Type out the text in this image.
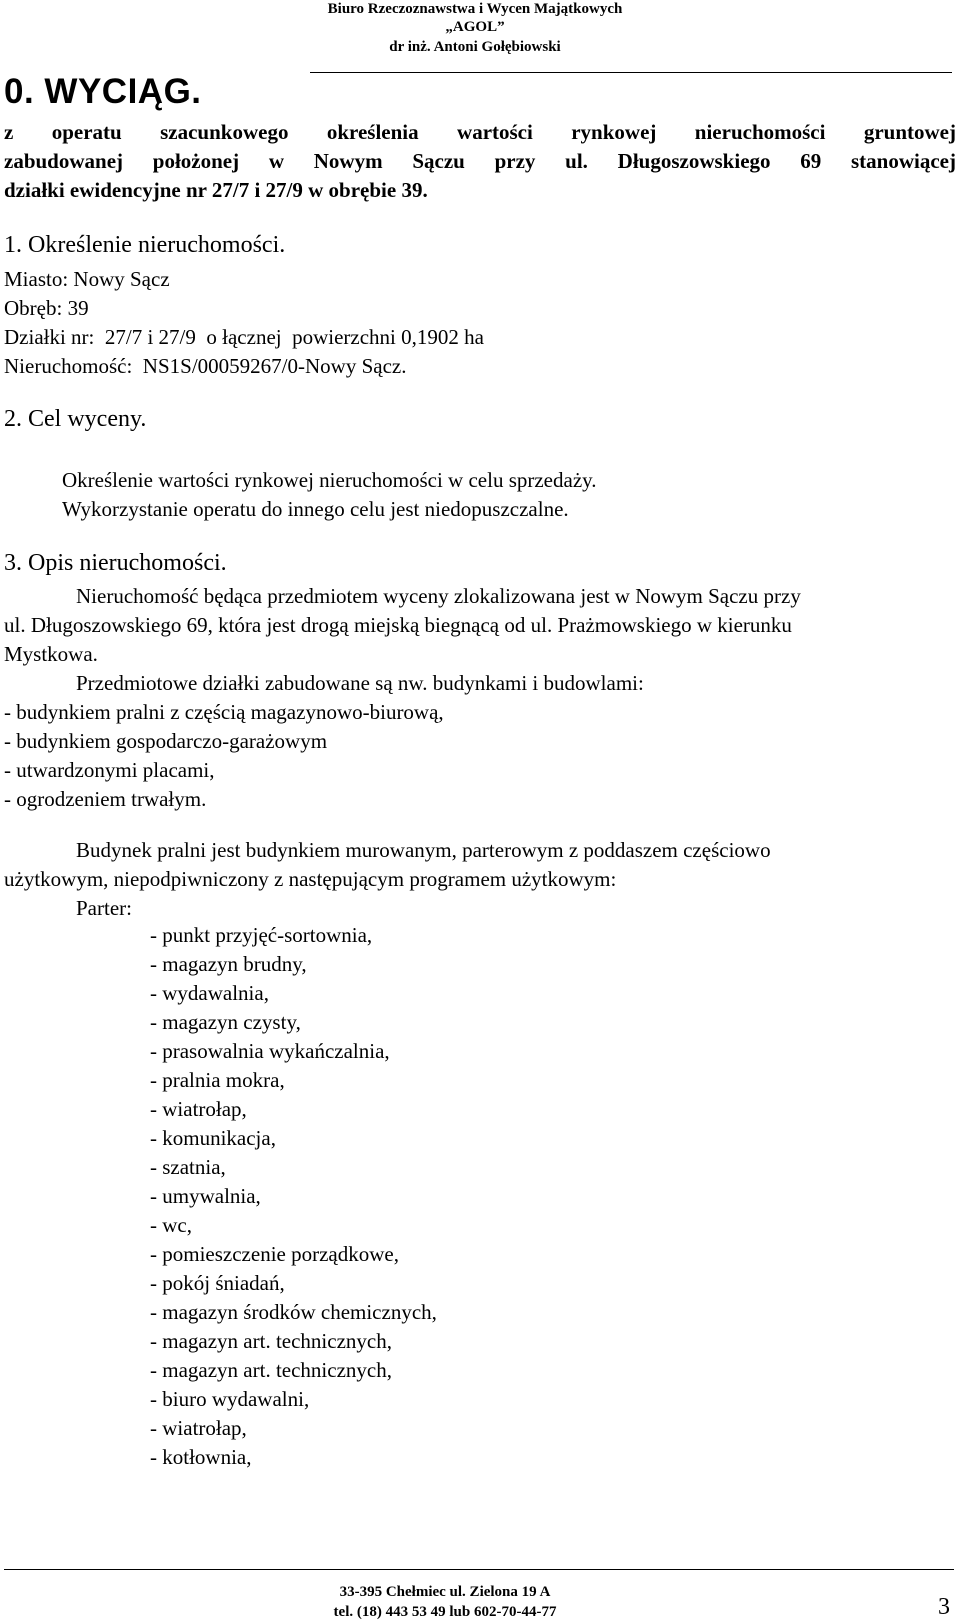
Biuro Rzeczoznawstwa i Wycen Majątkowych
„AGOL”
dr inż. Antoni Gołębiowski
0. WYCIĄG.
z operatu szacunkowego określenia wartości rynkowej nieruchomości gruntowej
zabudowanej położonej w Nowym Sączu przy ul. Długoszowskiego 69 stanowiącej
działki ewidencyjne nr 27/7 i 27/9 w obrębie 39.
1. Określenie nieruchomości.
Miasto: Nowy Sącz
Obręb: 39
Działki nr:  27/7 i 27/9  o łącznej  powierzchni 0,1902 ha
Nieruchomość:  NS1S/00059267/0-Nowy Sącz.
2. Cel wyceny.
Określenie wartości rynkowej nieruchomości w celu sprzedaży.
Wykorzystanie operatu do innego celu jest niedopuszczalne.
3. Opis nieruchomości.
Nieruchomość będąca przedmiotem wyceny zlokalizowana jest w Nowym Sączu przy
ul. Długoszowskiego 69, która jest drogą miejską biegnącą od ul. Prażmowskiego w kierunku
Mystkowa.
Przedmiotowe działki zabudowane są nw. budynkami i budowlami:
- budynkiem pralni z częścią magazynowo-biurową,
- budynkiem gospodarczo-garażowym
- utwardzonymi placami,
- ogrodzeniem trwałym.
Budynek pralni jest budynkiem murowanym, parterowym z poddaszem częściowo
użytkowym, niepodpiwniczony z następującym programem użytkowym:
Parter:
- punkt przyjęć-sortownia,
- magazyn brudny,
- wydawalnia,
- magazyn czysty,
- prasowalnia wykańczalnia,
- pralnia mokra,
- wiatrołap,
- komunikacja,
- szatnia,
- umywalnia,
- wc,
- pomieszczenie porządkowe,
- pokój śniadań,
- magazyn środków chemicznych,
- magazyn art. technicznych,
- magazyn art. technicznych,
- biuro wydawalni,
- wiatrołap,
- kotłownia,
33-395 Chełmiec ul. Zielona 19 A
tel. (18) 443 53 49 lub 602-70-44-77	3
